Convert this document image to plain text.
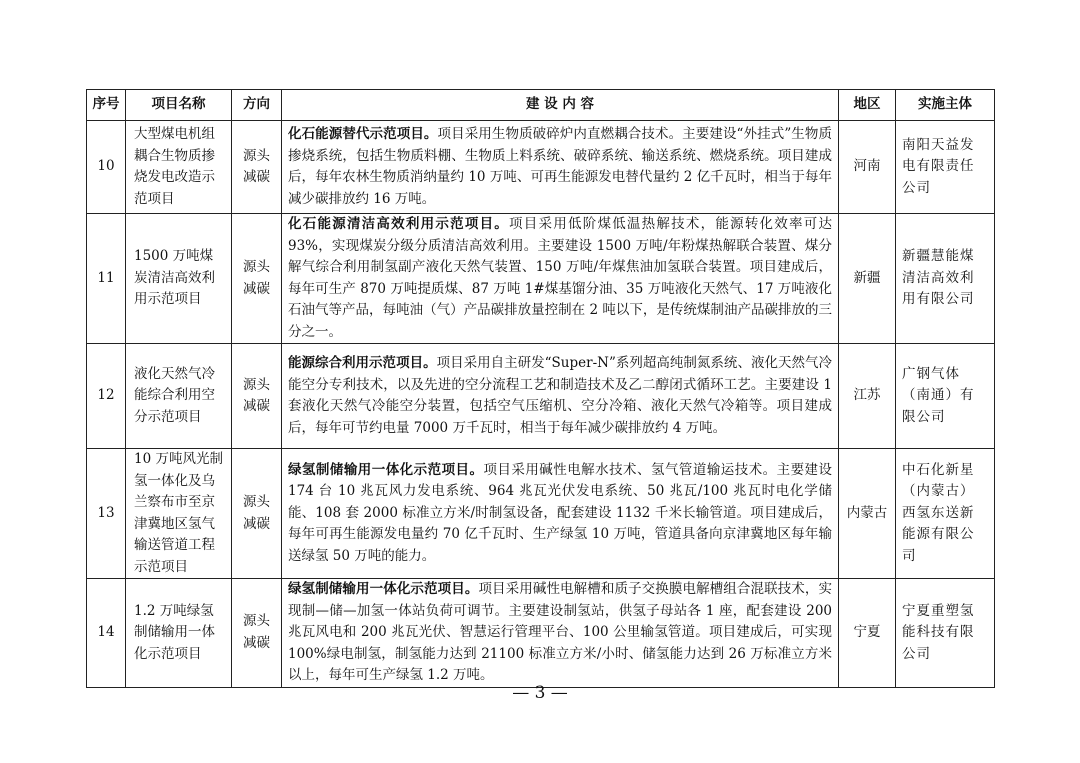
序号	项目名称	方向	建 设 内 容	地区	实施主体
10	大型煤电机组耦合生物质掺烧发电改造示范项目	源头减碳	化石能源替代示范项目。项目采用生物质破碎炉内直燃耦合技术。主要建设“外挂式”生物质掺烧系统，包括生物质料棚、生物质上料系统、破碎系统、输送系统、燃烧系统。项目建成后，每年农林生物质消纳量约 10 万吨、可再生能源发电替代量约 2 亿千瓦时，相当于每年减少碳排放约 16 万吨。	河南	南阳天益发电有限责任公司
11	1500 万吨煤炭清洁高效利用示范项目	源头减碳	化石能源清洁高效利用示范项目。项目采用低阶煤低温热解技术，能源转化效率可达 93%，实现煤炭分级分质清洁高效利用。主要建设 1500 万吨/年粉煤热解联合装置、煤分解气综合利用制氢副产液化天然气装置、150 万吨/年煤焦油加氢联合装置。项目建成后，每年可生产 870 万吨提质煤、87 万吨 1#煤基馏分油、35 万吨液化天然气、17 万吨液化石油气等产品，每吨油（气）产品碳排放量控制在 2 吨以下，是传统煤制油产品碳排放的三分之一。	新疆	新疆慧能煤清洁高效利用有限公司
12	液化天然气冷能综合利用空分示范项目	源头减碳	能源综合利用示范项目。项目采用自主研发“Super-N”系列超高纯制氮系统、液化天然气冷能空分专利技术，以及先进的空分流程工艺和制造技术及乙二醇闭式循环工艺。主要建设 1 套液化天然气冷能空分装置，包括空气压缩机、空分冷箱、液化天然气冷箱等。项目建成后，每年可节约电量 7000 万千瓦时，相当于每年减少碳排放约 4 万吨。	江苏	广钢气体（南通）有限公司
13	10 万吨风光制氢一体化及乌兰察布市至京津冀地区氢气输送管道工程示范项目	源头减碳	绿氢制储输用一体化示范项目。项目采用碱性电解水技术、氢气管道输运技术。主要建设 174 台 10 兆瓦风力发电系统、964 兆瓦光伏发电系统、50 兆瓦/100 兆瓦时电化学储能、108 套 2000 标准立方米/时制氢设备，配套建设 1132 千米长输管道。项目建成后，每年可再生能源发电量约 70 亿千瓦时、生产绿氢 10 万吨，管道具备向京津冀地区每年输送绿氢 50 万吨的能力。	内蒙古	中石化新星（内蒙古）西氢东送新能源有限公司
14	1.2 万吨绿氢制储输用一体化示范项目	源头减碳	绿氢制储输用一体化示范项目。项目采用碱性电解槽和质子交换膜电解槽组合混联技术，实现制—储—加氢一体站负荷可调节。主要建设制氢站，供氢子母站各 1 座，配套建设 200 兆瓦风电和 200 兆瓦光伏、智慧运行管理平台、100 公里输氢管道。项目建成后，可实现 100%绿电制氢，制氢能力达到 21100 标准立方米/小时、储氢能力达到 26 万标准立方米以上，每年可生产绿氢 1.2 万吨。	宁夏	宁夏重塑氢能科技有限公司
— 3 —
